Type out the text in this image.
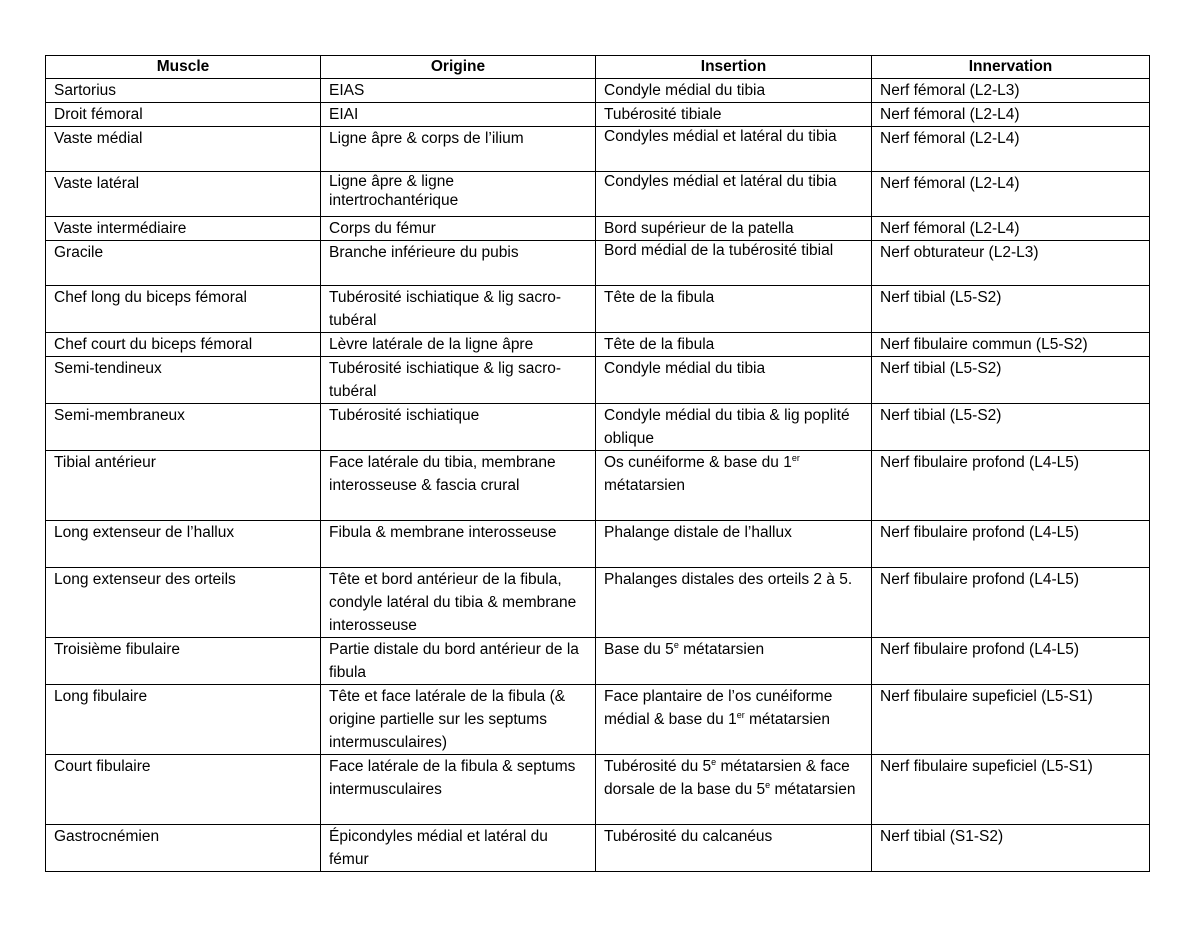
Muscle	Origine	Insertion	Innervation
Sartorius	EIAS	Condyle médial du tibia	Nerf fémoral (L2-L3)
Droit fémoral	EIAI	Tubérosité tibiale	Nerf fémoral (L2-L4)
Vaste médial	Ligne âpre & corps de l’ilium	Condyles médial et latéral du tibia	Nerf fémoral (L2-L4)
Vaste latéral	Ligne âpre & ligne intertrochantérique	Condyles médial et latéral du tibia	Nerf fémoral (L2-L4)
Vaste intermédiaire	Corps du fémur	Bord supérieur de la patella	Nerf fémoral (L2-L4)
Gracile	Branche inférieure du pubis	Bord médial de la tubérosité tibial	Nerf obturateur (L2-L3)
Chef long du biceps fémoral	Tubérosité ischiatique & lig sacro-tubéral	Tête de la fibula	Nerf tibial (L5-S2)
Chef court du biceps fémoral	Lèvre latérale de la ligne âpre	Tête de la fibula	Nerf fibulaire commun (L5-S2)
Semi-tendineux	Tubérosité ischiatique & lig sacro-tubéral	Condyle médial du tibia	Nerf tibial (L5-S2)
Semi-membraneux	Tubérosité ischiatique	Condyle médial du tibia & lig poplité oblique	Nerf tibial (L5-S2)
Tibial antérieur	Face latérale du tibia, membrane interosseuse & fascia crural	Os cunéiforme & base du 1er métatarsien	Nerf fibulaire profond (L4-L5)
Long extenseur de l’hallux	Fibula & membrane interosseuse	Phalange distale de l’hallux	Nerf fibulaire profond (L4-L5)
Long extenseur des orteils	Tête et bord antérieur de la fibula, condyle latéral du tibia & membrane interosseuse	Phalanges distales des orteils 2 à 5.	Nerf fibulaire profond (L4-L5)
Troisième fibulaire	Partie distale du bord antérieur de la fibula	Base du 5e métatarsien	Nerf fibulaire profond (L4-L5)
Long fibulaire	Tête et face latérale de la fibula (& origine partielle sur les septums intermusculaires)	Face plantaire de l’os cunéiforme médial & base du 1er métatarsien	Nerf fibulaire supeficiel (L5-S1)
Court fibulaire	Face latérale de la fibula & septums intermusculaires	Tubérosité du 5e métatarsien & face dorsale de la base du 5e métatarsien	Nerf fibulaire supeficiel (L5-S1)
Gastrocnémien	Épicondyles médial et latéral du fémur	Tubérosité du calcanéus	Nerf tibial (S1-S2)
